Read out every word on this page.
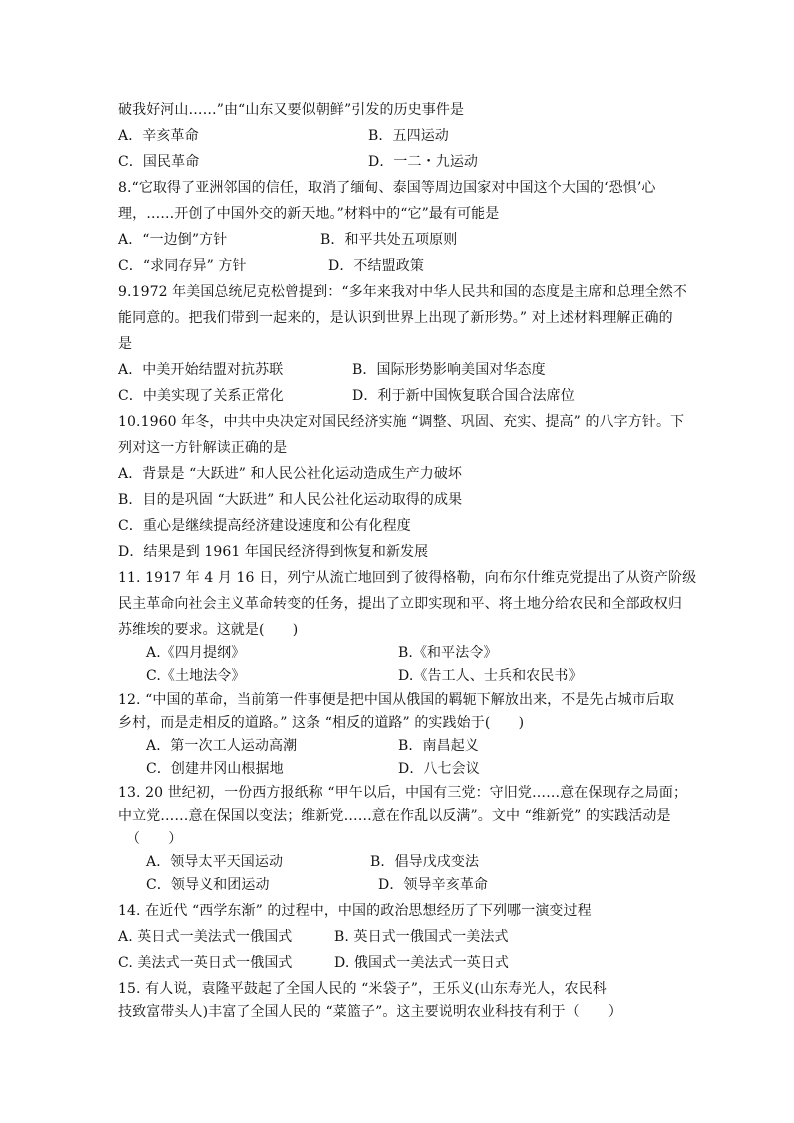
破我好河山……”由“山东又要似朝鲜”引发的历史事件是
A．辛亥革命	B．五四运动
C．国民革命	D．一二・九运动
8.“它取得了亚洲邻国的信任，取消了缅甸、泰国等周边国家对中国这个大国的‘恐惧’心
理，……开创了中国外交的新天地。”材料中的“它”最有可能是
A．“一边倒”方针	B．和平共处五项原则
C．“求同存异” 方针	D．不结盟政策
9.1972 年美国总统尼克松曾提到：“多年来我对中华人民共和国的态度是主席和总理全然不
能同意的。把我们带到一起来的，是认识到世界上出现了新形势。” 对上述材料理解正确的
是
A．中美开始结盟对抗苏联	B．国际形势影响美国对华态度
C．中美实现了关系正常化	D．利于新中国恢复联合国合法席位
10.1960 年冬，中共中央决定对国民经济实施 “调整、巩固、充实、提高” 的八字方针。下
列对这一方针解读正确的是
A．背景是 “大跃进” 和人民公社化运动造成生产力破坏
B．目的是巩固 “大跃进” 和人民公社化运动取得的成果
C．重心是继续提高经济建设速度和公有化程度
D．结果是到 1961 年国民经济得到恢复和新发展
11. 1917 年 4 月 16 日，列宁从流亡地回到了彼得格勒，向布尔什维克党提出了从资产阶级
民主革命向社会主义革命转变的任务，提出了立即实现和平、将土地分给农民和全部政权归
苏维埃的要求。这就是(　　)
A.《四月提纲》	B.《和平法令》
C.《土地法令》	D.《告工人、士兵和农民书》
12. “中国的革命，当前第一件事便是把中国从俄国的羁轭下解放出来，不是先占城市后取
乡村，而是走相反的道路。” 这条 “相反的道路” 的实践始于(　　)
A．第一次工人运动高潮	B．南昌起义
C．创建井冈山根据地	D．八七会议
13. 20 世纪初，一份西方报纸称 “甲午以后，中国有三党：守旧党……意在保现存之局面；
中立党……意在保国以变法；维新党……意在作乱以反满”。文中 “维新党” 的实践活动是
（　　）
A．领导太平天国运动	B．倡导戊戌变法
C．领导义和团运动	D．领导辛亥革命
14. 在近代 “西学东渐” 的过程中，中国的政治思想经历了下列哪一演变过程
A. 英日式一美法式一俄国式	B. 英日式一俄国式一美法式
C. 美法式一英日式一俄国式	D. 俄国式一美法式一英日式
15. 有人说，袁隆平鼓起了全国人民的 “米袋子”，王乐义(山东寿光人，农民科
技致富带头人)丰富了全国人民的 “菜篮子”。这主要说明农业科技有利于（　　）
